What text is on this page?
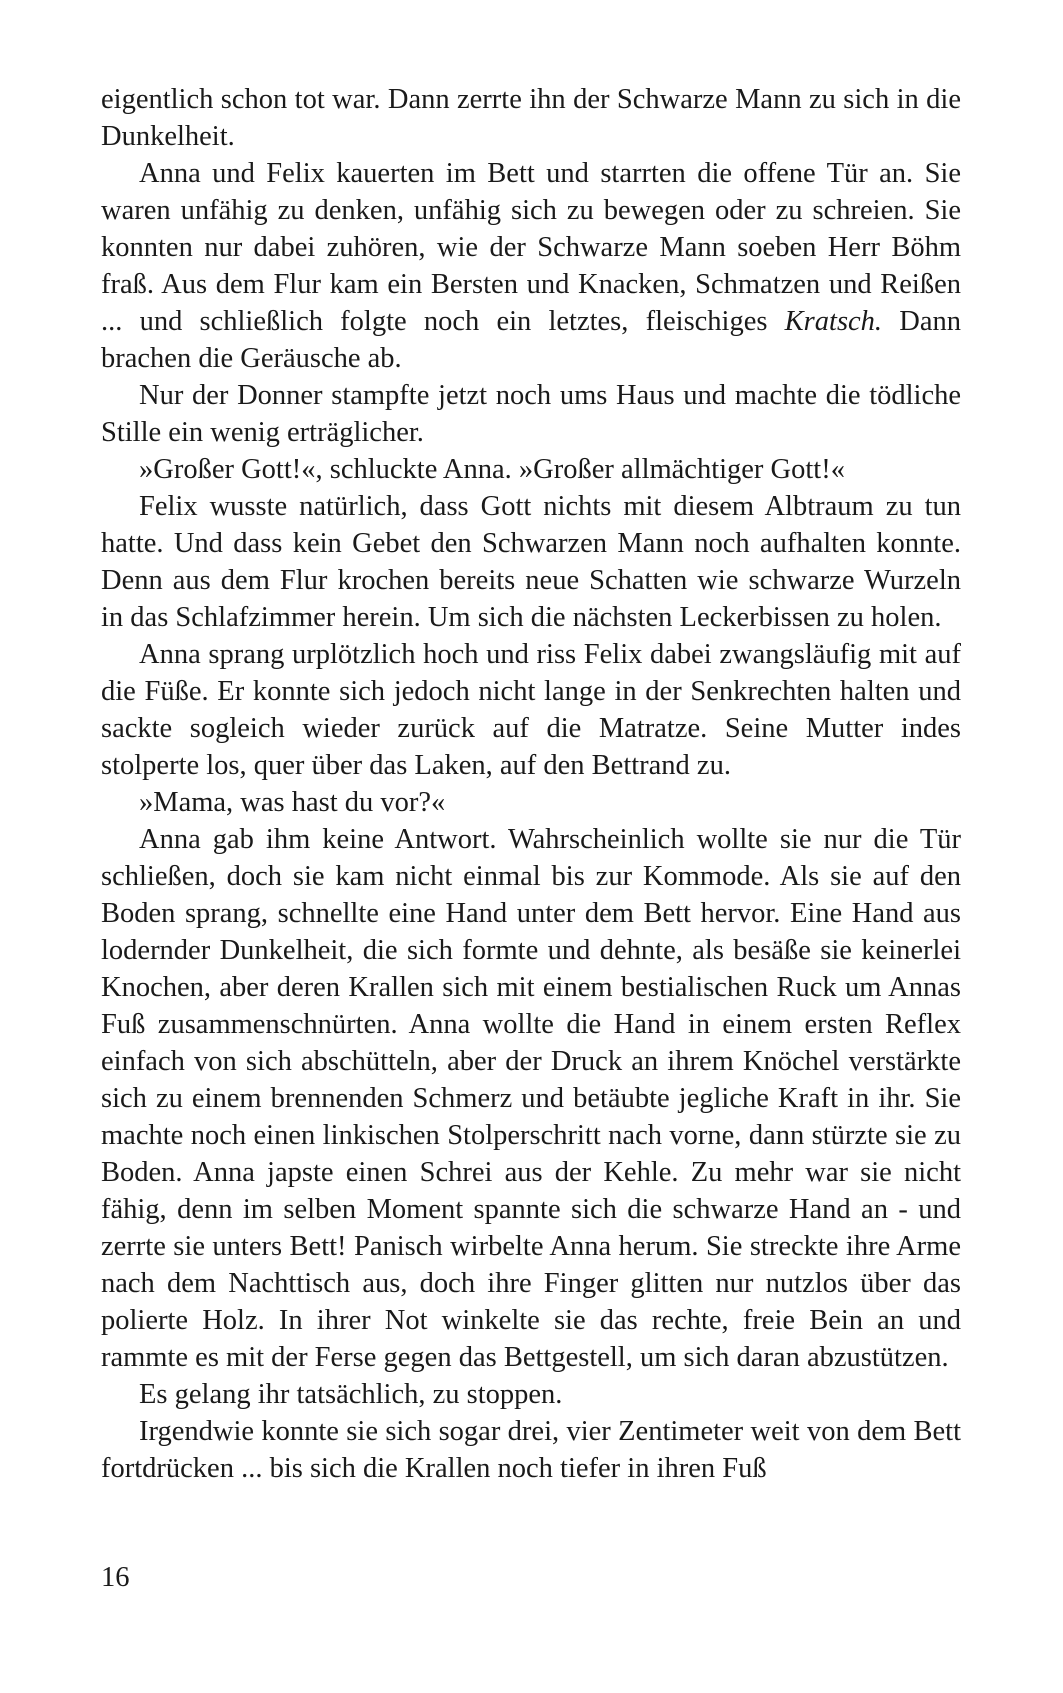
eigentlich schon tot war. Dann zerrte ihn der Schwarze Mann zu sich in die Dunkelheit.

Anna und Felix kauerten im Bett und starrten die offene Tür an. Sie waren unfähig zu denken, unfähig sich zu bewegen oder zu schreien. Sie konnten nur dabei zuhören, wie der Schwarze Mann soeben Herr Böhm fraß. Aus dem Flur kam ein Bersten und Knacken, Schmatzen und Reißen ... und schließlich folgte noch ein letztes, fleischiges Kratsch. Dann brachen die Geräusche ab.

Nur der Donner stampfte jetzt noch ums Haus und machte die tödliche Stille ein wenig erträglicher.

»Großer Gott!«, schluckte Anna. »Großer allmächtiger Gott!«

Felix wusste natürlich, dass Gott nichts mit diesem Albtraum zu tun hatte. Und dass kein Gebet den Schwarzen Mann noch aufhalten konnte. Denn aus dem Flur krochen bereits neue Schatten wie schwarze Wurzeln in das Schlafzimmer herein. Um sich die nächsten Leckerbissen zu holen.

Anna sprang urplötzlich hoch und riss Felix dabei zwangsläufig mit auf die Füße. Er konnte sich jedoch nicht lange in der Senkrechten halten und sackte sogleich wieder zurück auf die Matratze. Seine Mutter indes stolperte los, quer über das Laken, auf den Bettrand zu.

»Mama, was hast du vor?«

Anna gab ihm keine Antwort. Wahrscheinlich wollte sie nur die Tür schließen, doch sie kam nicht einmal bis zur Kommode. Als sie auf den Boden sprang, schnellte eine Hand unter dem Bett hervor. Eine Hand aus lodernder Dunkelheit, die sich formte und dehnte, als besäße sie keinerlei Knochen, aber deren Krallen sich mit einem bestialischen Ruck um Annas Fuß zusammenschnürten. Anna wollte die Hand in einem ersten Reflex einfach von sich abschütteln, aber der Druck an ihrem Knöchel verstärkte sich zu einem brennenden Schmerz und betäubte jegliche Kraft in ihr. Sie machte noch einen linkischen Stolperschritt nach vorne, dann stürzte sie zu Boden. Anna japste einen Schrei aus der Kehle. Zu mehr war sie nicht fähig, denn im selben Moment spannte sich die schwarze Hand an - und zerrte sie unters Bett! Panisch wirbelte Anna herum. Sie streckte ihre Arme nach dem Nachttisch aus, doch ihre Finger glitten nur nutzlos über das polierte Holz. In ihrer Not winkelte sie das rechte, freie Bein an und rammte es mit der Ferse gegen das Bettgestell, um sich daran abzustützen.

Es gelang ihr tatsächlich, zu stoppen.

Irgendwie konnte sie sich sogar drei, vier Zentimeter weit von dem Bett fortdrücken ... bis sich die Krallen noch tiefer in ihren Fuß

16
